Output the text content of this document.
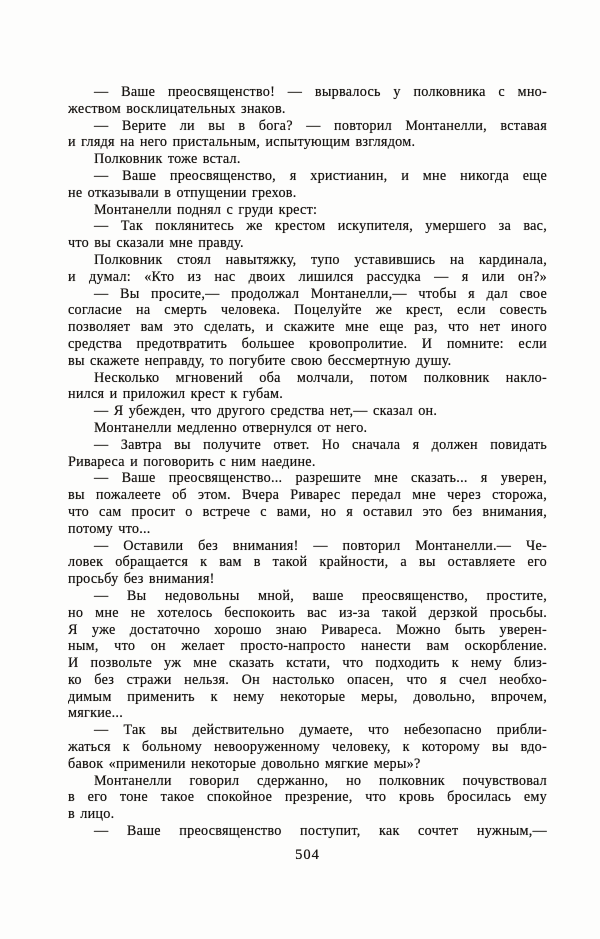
— Ваше преосвященство! — вырвалось у полковника с мно-
жеством восклицательных знаков.
— Верите ли вы в бога? — повторил Монтанелли, вставая
и глядя на него пристальным, испытующим взглядом.
Полковник тоже встал.
— Ваше преосвященство, я христианин, и мне никогда еще
не отказывали в отпущении грехов.
Монтанелли поднял с груди крест:
— Так поклянитесь же крестом искупителя, умершего за вас,
что вы сказали мне правду.
Полковник стоял навытяжку, тупо уставившись на кардинала,
и думал: «Кто из нас двоих лишился рассудка — я или он?»
— Вы просите,— продолжал Монтанелли,— чтобы я дал свое
согласие на смерть человека. Поцелуйте же крест, если совесть
позволяет вам это сделать, и скажите мне еще раз, что нет иного
средства предотвратить большее кровопролитие. И помните: если
вы скажете неправду, то погубите свою бессмертную душу.
Несколько мгновений оба молчали, потом полковник накло-
нился и приложил крест к губам.
— Я убежден, что другого средства нет,— сказал он.
Монтанелли медленно отвернулся от него.
— Завтра вы получите ответ. Но сначала я должен повидать
Ривареса и поговорить с ним наедине.
— Ваше преосвященство... разрешите мне сказать... я уверен,
вы пожалеете об этом. Вчера Риварес передал мне через сторожа,
что сам просит о встрече с вами, но я оставил это без внимания,
потому что...
— Оставили без внимания! — повторил Монтанелли.— Че-
ловек обращается к вам в такой крайности, а вы оставляете его
просьбу без внимания!
— Вы недовольны мной, ваше преосвященство, простите,
но мне не хотелось беспокоить вас из-за такой дерзкой просьбы.
Я уже достаточно хорошо знаю Ривареса. Можно быть уверен-
ным, что он желает просто-напросто нанести вам оскорбление.
И позвольте уж мне сказать кстати, что подходить к нему близ-
ко без стражи нельзя. Он настолько опасен, что я счел необхо-
димым применить к нему некоторые меры, довольно, впрочем,
мягкие...
— Так вы действительно думаете, что небезопасно прибли-
жаться к больному невооруженному человеку, к которому вы вдо-
бавок «применили некоторые довольно мягкие меры»?
Монтанелли говорил сдержанно, но полковник почувствовал
в его тоне такое спокойное презрение, что кровь бросилась ему
в лицо.
— Ваше преосвященство поступит, как сочтет нужным,—
504
